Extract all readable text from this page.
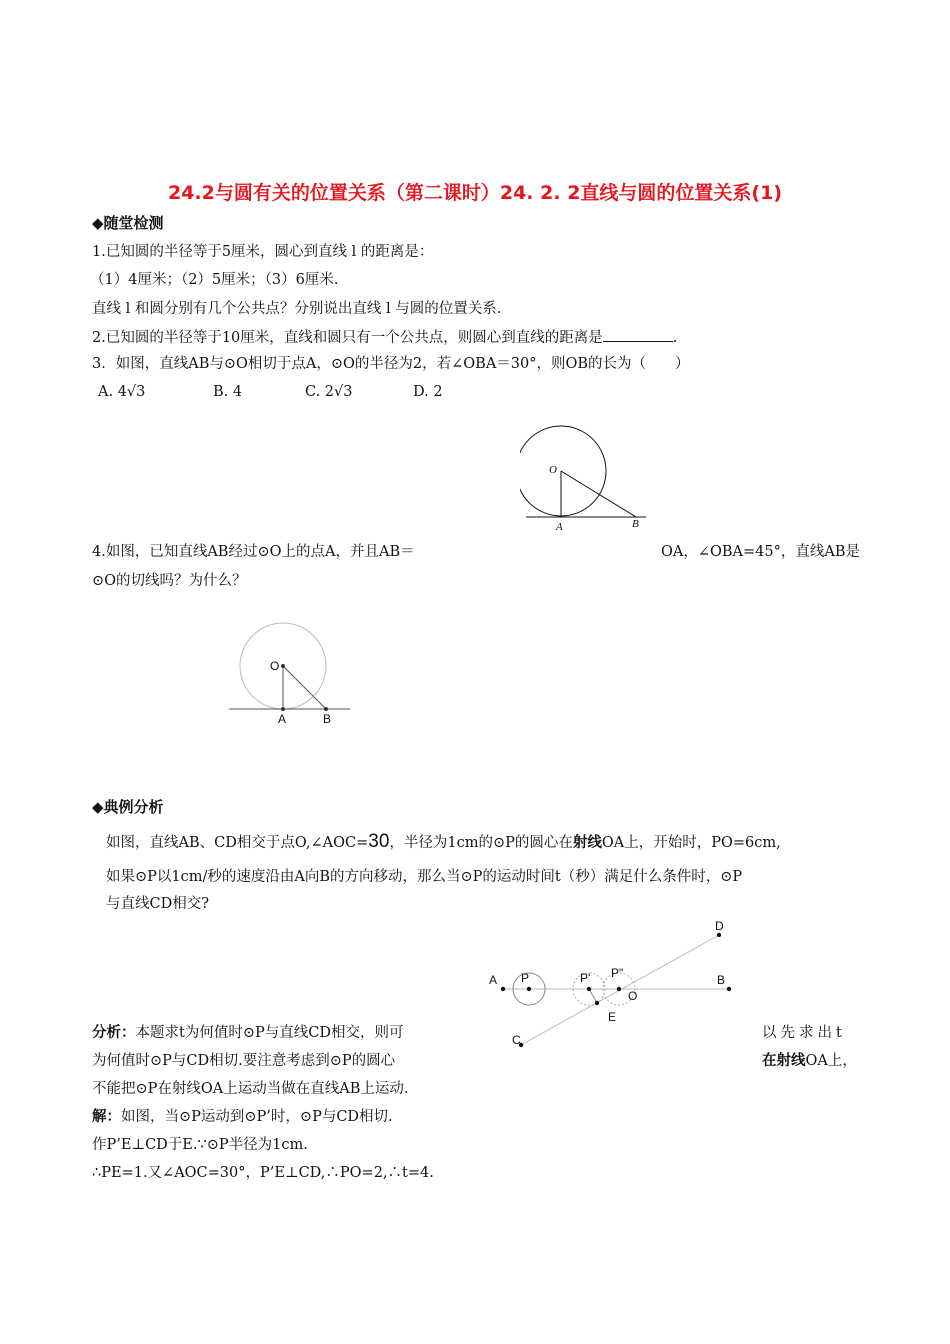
24.2与圆有关的位置关系（第二课时）24. 2. 2直线与圆的位置关系(1)
◆随堂检测
1.已知圆的半径等于5厘米，圆心到直线 l 的距离是：
（1）4厘米；（2）5厘米；（3）6厘米.
直线 l 和圆分别有几个公共点？分别说出直线 l 与圆的位置关系.
2.已知圆的半径等于10厘米，直线和圆只有一个公共点，则圆心到直线的距离是	.
3．如图，直线AB与⊙O相切于点A，⊙O的半径为2，若∠OBA＝30°，则OB的长为（　　）
A. 4√3	B. 4	C. 2√3	D. 2
O
A	B
4.如图，已知直线AB经过⊙O上的点A，并且AB＝	OA，∠OBA=45°，直线AB是
⊙O的切线吗？为什么？
O
A	B
◆典例分析
如图，直线AB、CD相交于点O,∠AOC=30，半径为1cm的⊙P的圆心在射线OA上，开始时，PO=6cm,
如果⊙P以1cm/秒的速度沿由A向B的方向移动，那么当⊙P的运动时间t（秒）满足什么条件时，⊙P
与直线CD相交?
A P	P' P"
O
E
B
D
C
分析：本题求t为何值时⊙P与直线CD相交，则可	以先求出t
为何值时⊙P与CD相切.要注意考虑到⊙P的圆心	在射线OA上，
不能把⊙P在射线OA上运动当做在直线AB上运动.
解：如图，当⊙P运动到⊙P’时，⊙P与CD相切.
作P’E⊥CD于E.∵⊙P半径为1cm.
∴PE=1.又∠AOC=30°，P’E⊥CD,∴PO=2,∴t=4.
